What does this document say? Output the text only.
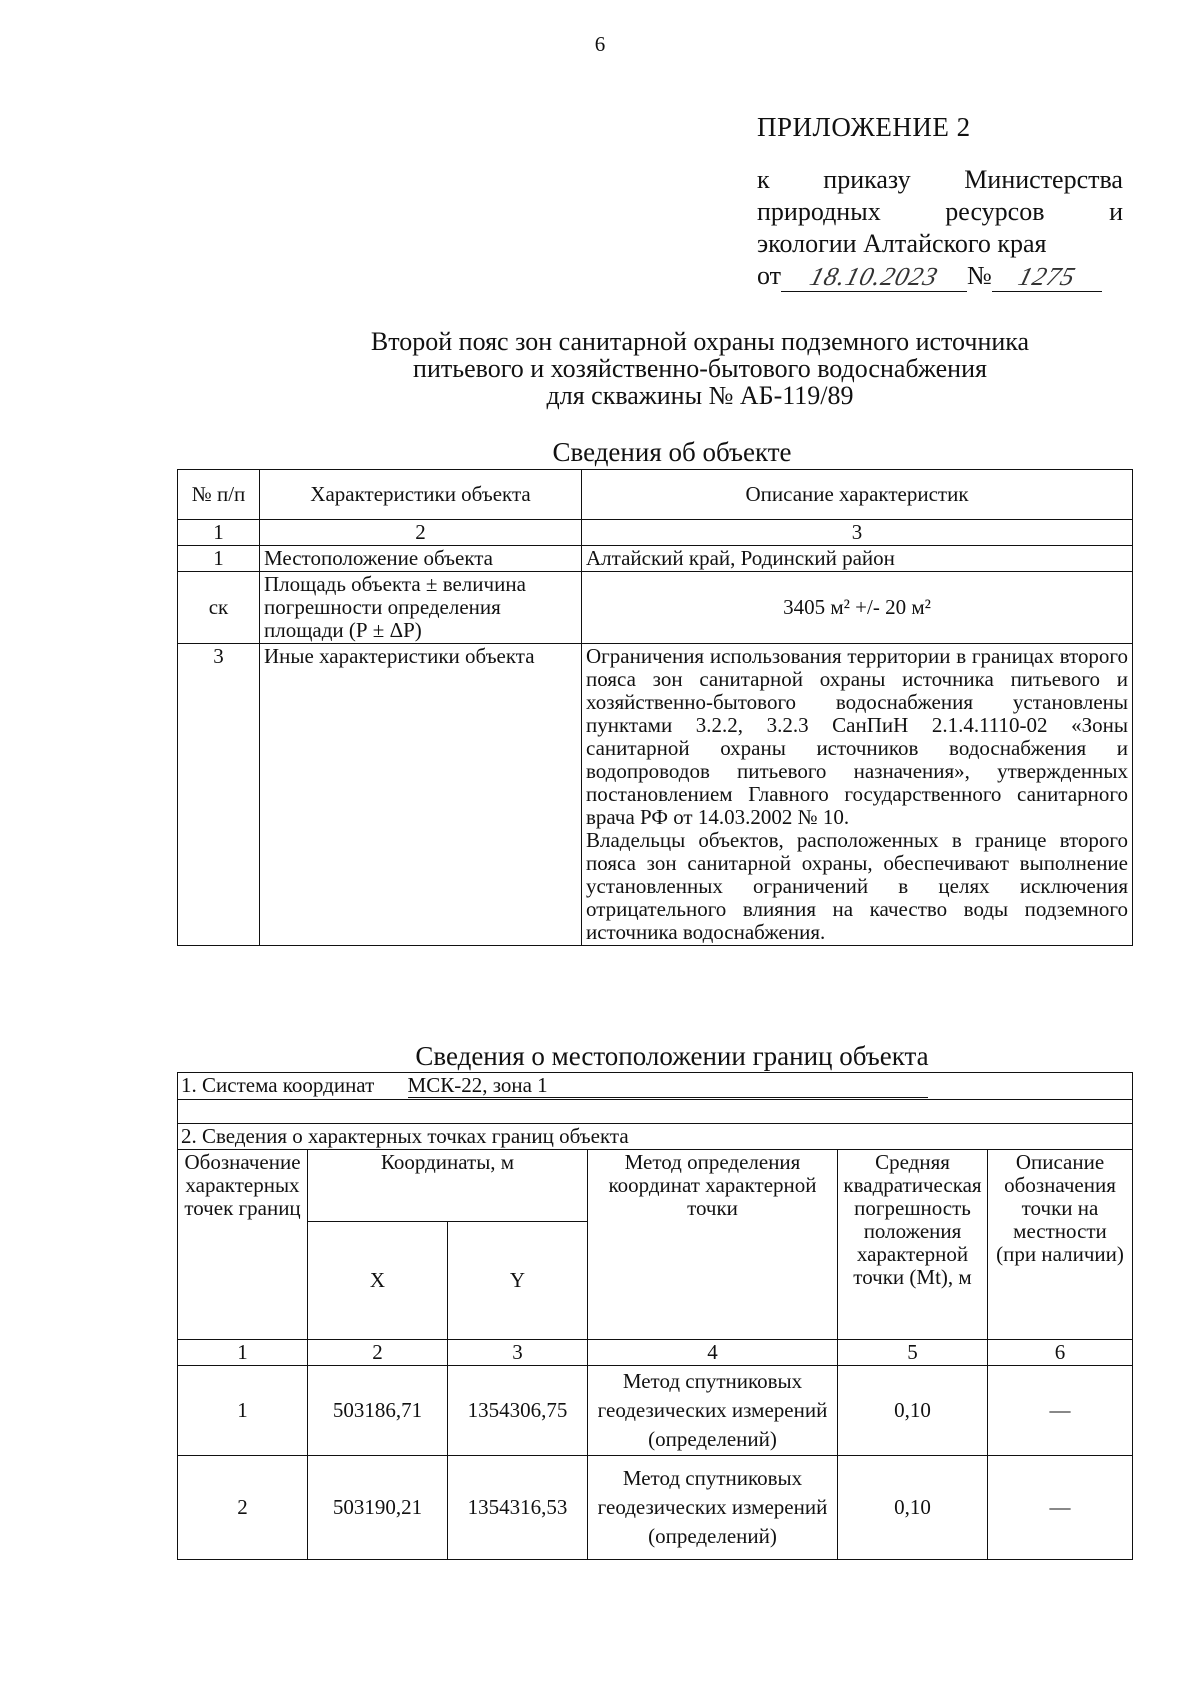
6
ПРИЛОЖЕНИЕ 2
к приказу Министерства
природных ресурсов и
экологии Алтайского края
от 18.10.2023 № 1275
Второй пояс зон санитарной охраны подземного источника
питьевого и хозяйственно-бытового водоснабжения
для скважины № АБ-119/89
Сведения об объекте
№ п/п	Характеристики объекта	Описание характеристик
1	2	3
1	Местоположение объекта	Алтайский край, Родинский район
ск	Площадь объекта ± величина погрешности определения площади (Р ± ΔР)	3405 м² +/- 20 м²
3	Иные характеристики объекта	Ограничения использования территории в границах второго пояса зон санитарной охраны источника питьевого и хозяйственно-бытового водоснабжения установлены пунктами 3.2.2, 3.2.3 СанПиН 2.1.4.1110-02 «Зоны санитарной охраны источников водоснабжения и водопроводов питьевого назначения», утвержденных постановлением Главного государственного санитарного врача РФ от 14.03.2002 № 10.
Владельцы объектов, расположенных в границе второго пояса зон санитарной охраны, обеспечивают выполнение установленных ограничений в целях исключения отрицательного влияния на качество воды подземного источника водоснабжения.
Сведения о местоположении границ объекта
1. Система координат МСК-22, зона 1					

2. Сведения о характерных точках границ объекта					
Обозначение характерных точек границ	Координаты, м		Метод определения координат характерной точки	Средняя квадратическая погрешность положения характерной точки (Mt), м	Описание обозначения точки на местности (при наличии)
	X	Y			
1	2	3	4	5	6
1	503186,71	1354306,75	Метод спутниковых геодезических измерений (определений)	0,10	—
2	503190,21	1354316,53	Метод спутниковых геодезических измерений (определений)	0,10	—
